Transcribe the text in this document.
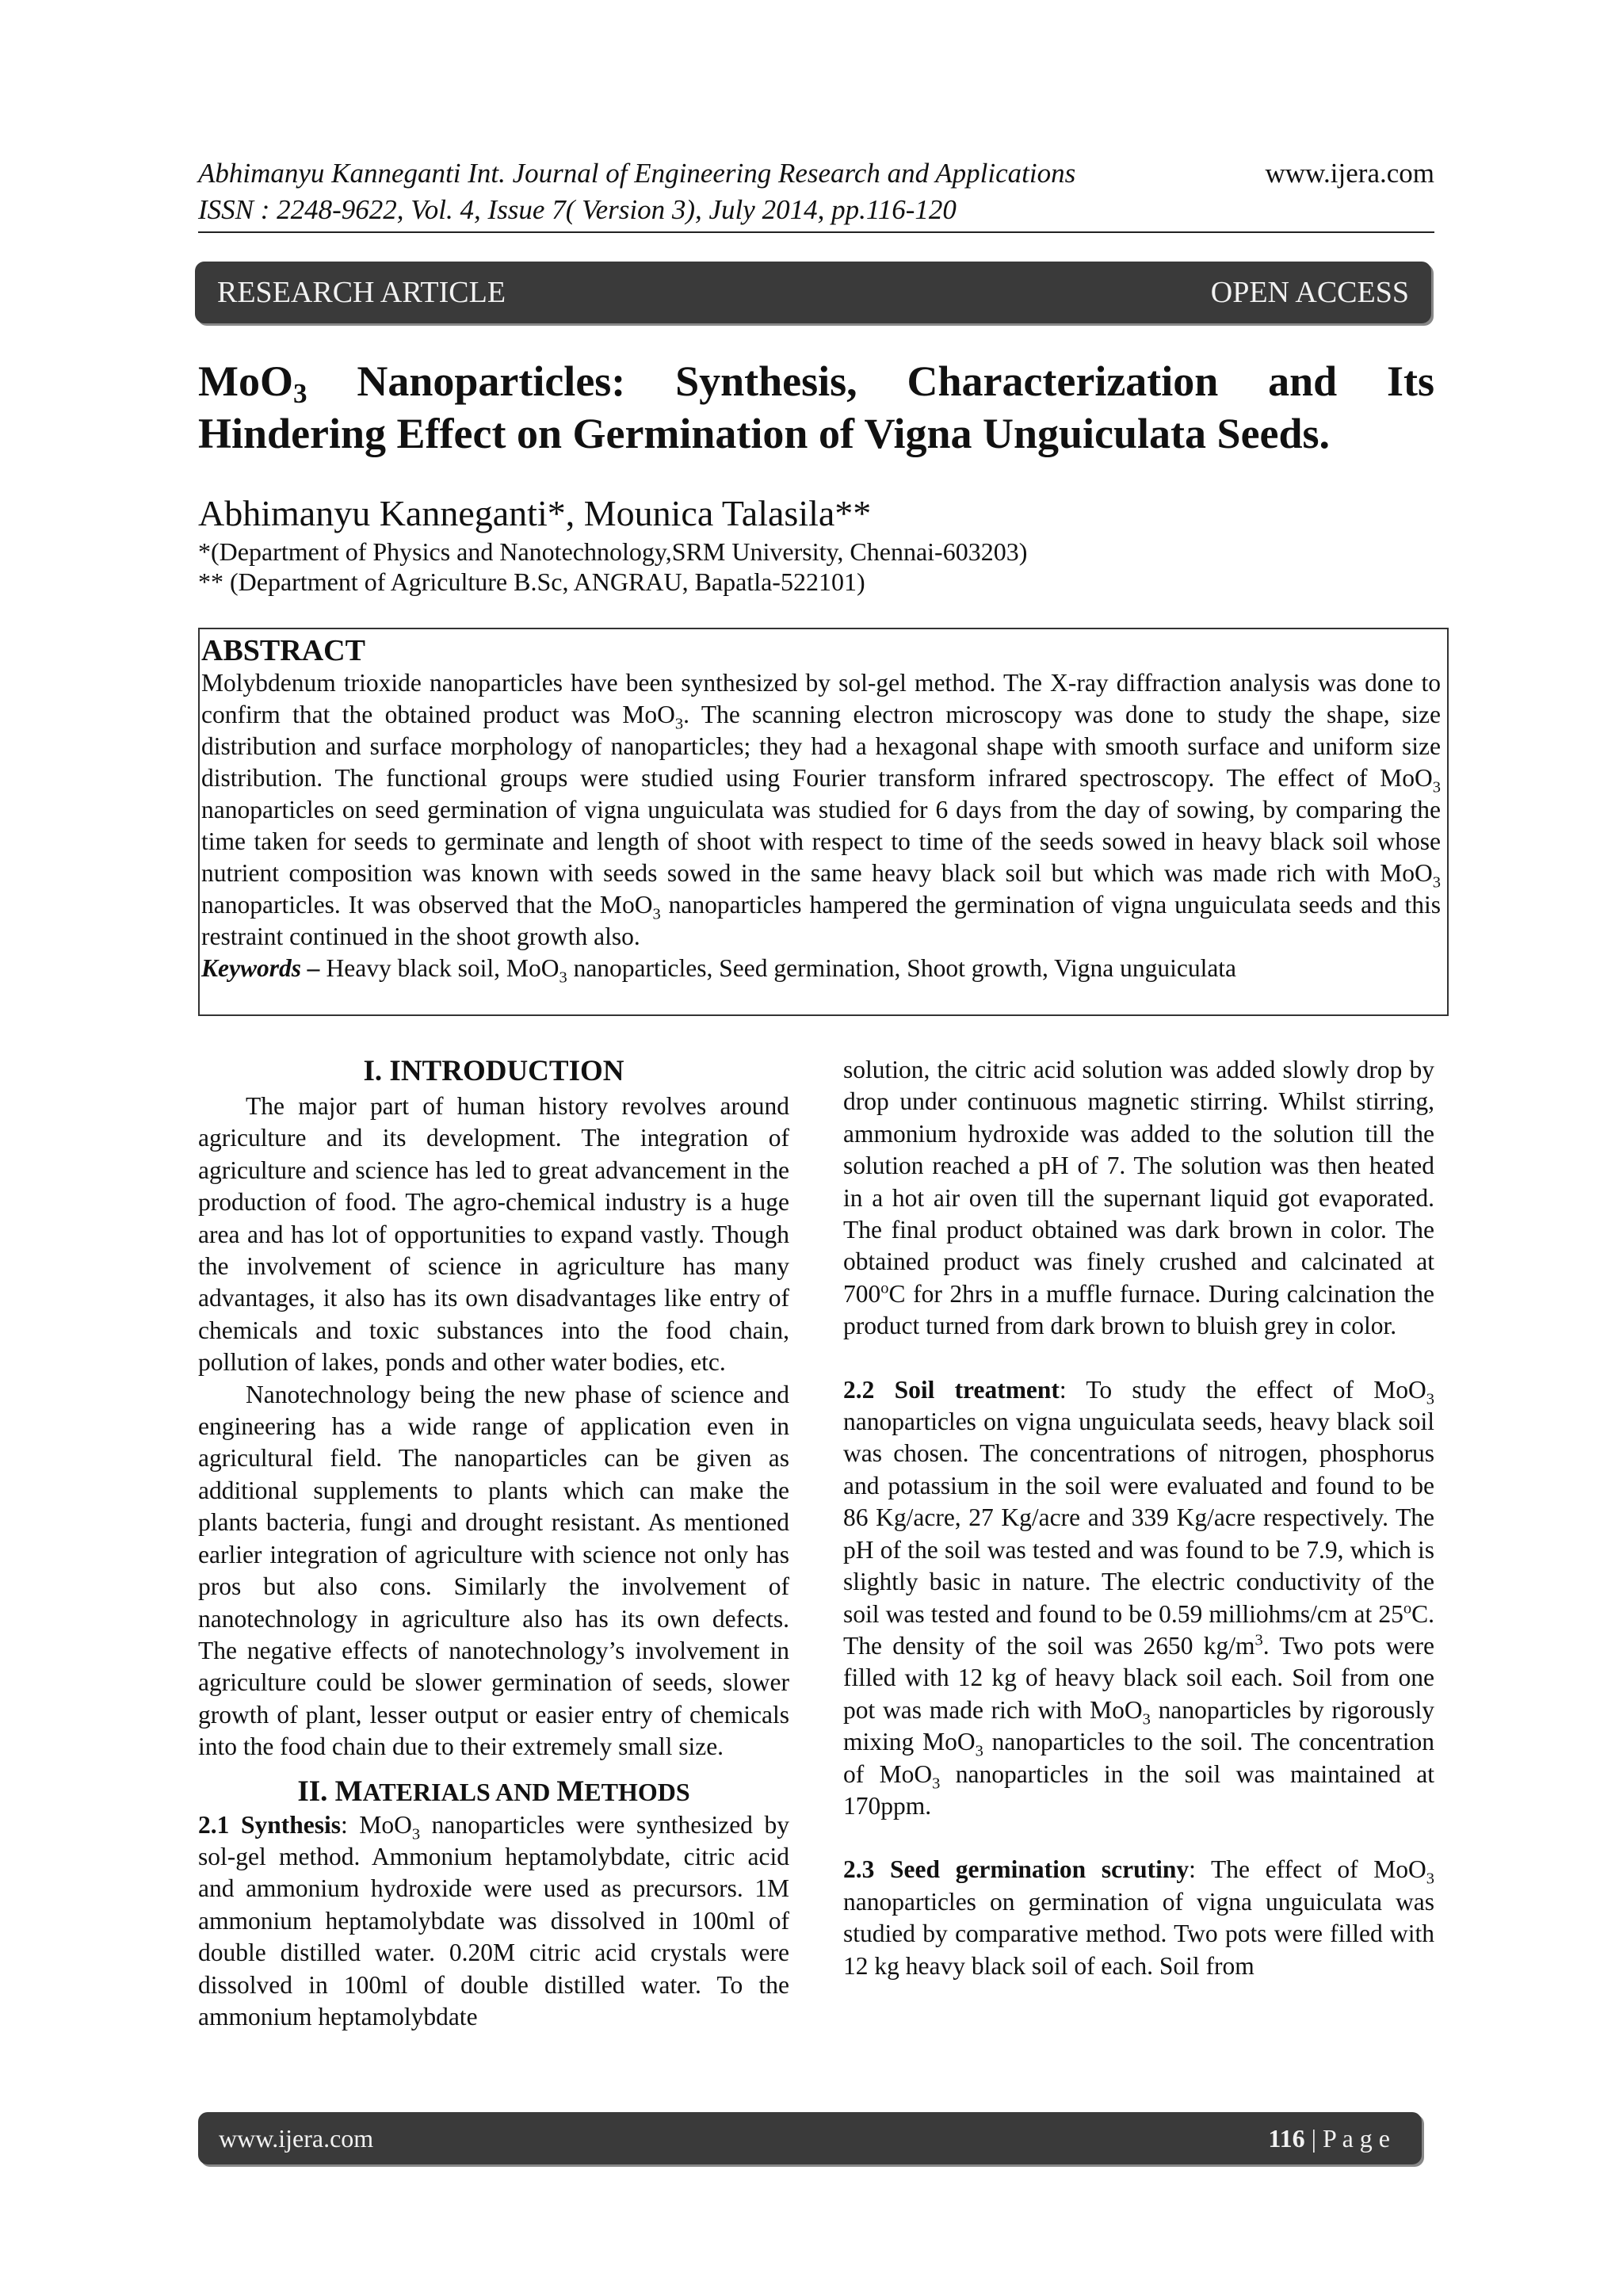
Abhimanyu Kanneganti Int. Journal of Engineering Research and Applications
ISSN : 2248-9622, Vol. 4, Issue 7( Version 3), July 2014, pp.116-120
www.ijera.com
RESEARCH ARTICLE	OPEN ACCESS
MoO$_3$ Nanoparticles: Synthesis, Characterization and Its
Hindering Effect on Germination of Vigna Unguiculata Seeds.
Abhimanyu Kanneganti*, Mounica Talasila**
*(Department of Physics and Nanotechnology,SRM University, Chennai-603203)
** (Department of Agriculture B.Sc, ANGRAU, Bapatla-522101)
ABSTRACT
Molybdenum trioxide nanoparticles have been synthesized by sol-gel method. The X-ray diffraction analysis was done to confirm that the obtained product was MoO$_3$. The scanning electron microscopy was done to study the shape, size distribution and surface morphology of nanoparticles; they had a hexagonal shape with smooth surface and uniform size distribution. The functional groups were studied using Fourier transform infrared spectroscopy. The effect of MoO$_3$ nanoparticles on seed germination of vigna unguiculata was studied for 6 days from the day of sowing, by comparing the time taken for seeds to germinate and length of shoot with respect to time of the seeds sowed in heavy black soil whose nutrient composition was known with seeds sowed in the same heavy black soil but which was made rich with MoO$_3$ nanoparticles. It was observed that the MoO$_3$ nanoparticles hampered the germination of vigna unguiculata seeds and this restraint continued in the shoot growth also.
Keywords – Heavy black soil, MoO$_3$ nanoparticles, Seed germination, Shoot growth, Vigna unguiculata
I. INTRODUCTION

The major part of human history revolves around agriculture and its development. The integration of agriculture and science has led to great advancement in the production of food. The agro-chemical industry is a huge area and has lot of opportunities to expand vastly. Though the involvement of science in agriculture has many advantages, it also has its own disadvantages like entry of chemicals and toxic substances into the food chain, pollution of lakes, ponds and other water bodies, etc.

Nanotechnology being the new phase of science and engineering has a wide range of application even in agricultural field. The nanoparticles can be given as additional supplements to plants which can make the plants bacteria, fungi and drought resistant. As mentioned earlier integration of agriculture with science not only has pros but also cons. Similarly the involvement of nanotechnology in agriculture also has its own defects. The negative effects of nanotechnology’s involvement in agriculture could be slower germination of seeds, slower growth of plant, lesser output or easier entry of chemicals into the food chain due to their extremely small size.

II. MATERIALS AND METHODS

2.1 Synthesis: MoO$_3$ nanoparticles were synthesized by sol-gel method. Ammonium heptamolybdate, citric acid and ammonium hydroxide were used as precursors. 1M ammonium heptamolybdate was dissolved in 100ml of double distilled water. 0.20M citric acid crystals were dissolved in 100ml of double distilled water. To the ammonium heptamolybdate

solution, the citric acid solution was added slowly drop by drop under continuous magnetic stirring. Whilst stirring, ammonium hydroxide was added to the solution till the solution reached a pH of 7. The solution was then heated in a hot air oven till the supernant liquid got evaporated. The final product obtained was dark brown in color. The obtained product was finely crushed and calcinated at 700$^o$C for 2hrs in a muffle furnace. During calcination the product turned from dark brown to bluish grey in color.

2.2 Soil treatment: To study the effect of MoO$_3$ nanoparticles on vigna unguiculata seeds, heavy black soil was chosen. The concentrations of nitrogen, phosphorus and potassium in the soil were evaluated and found to be 86 Kg/acre, 27 Kg/acre and 339 Kg/acre respectively. The pH of the soil was tested and was found to be 7.9, which is slightly basic in nature. The electric conductivity of the soil was tested and found to be 0.59 milliohms/cm at 25$^o$C. The density of the soil was 2650 $kg/m^3$. Two pots were filled with 12 kg of heavy black soil each. Soil from one pot was made rich with MoO$_3$ nanoparticles by rigorously mixing MoO$_3$ nanoparticles to the soil. The concentration of MoO$_3$ nanoparticles in the soil was maintained at 170ppm.

2.3 Seed germination scrutiny: The effect of MoO$_3$ nanoparticles on germination of vigna unguiculata was studied by comparative method. Two pots were filled with 12 kg heavy black soil of each. Soil from

www.ijera.com	116 | P a g e
